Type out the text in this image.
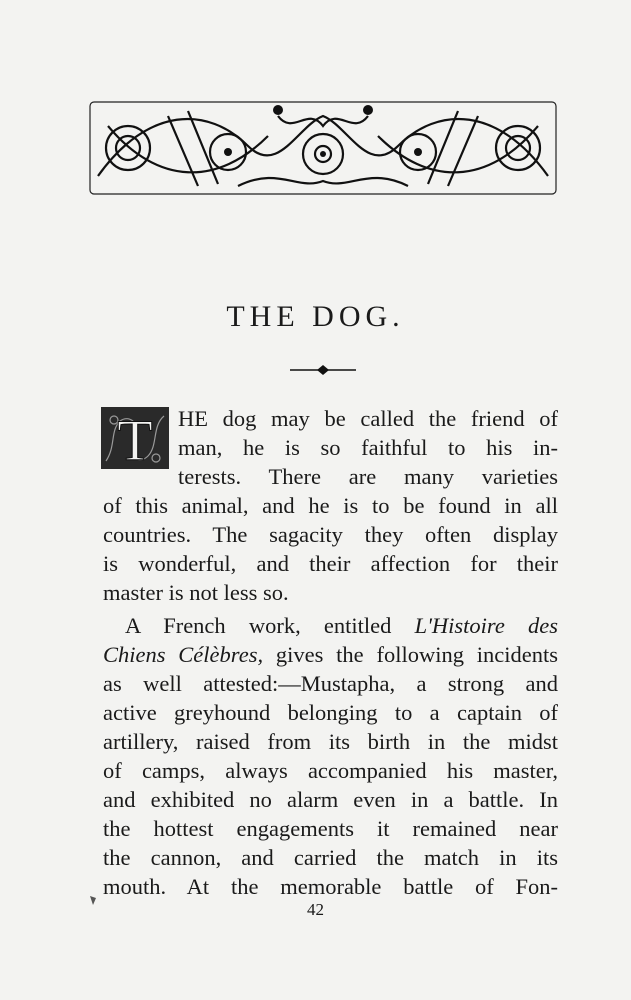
THE DOG.
T HE dog may be called the friend of
man, he is so faithful to his in-
terests. There are many varieties
of this animal, and he is to be found in all
countries. The sagacity they often display
is wonderful, and their affection for their
master is not less so.
A French work, entitled L'Histoire des
Chiens Célèbres, gives the following incidents
as well attested:—Mustapha, a strong and
active greyhound belonging to a captain of
artillery, raised from its birth in the midst
of camps, always accompanied his master,
and exhibited no alarm even in a battle. In
the hottest engagements it remained near
the cannon, and carried the match in its
mouth. At the memorable battle of Fon-
42
